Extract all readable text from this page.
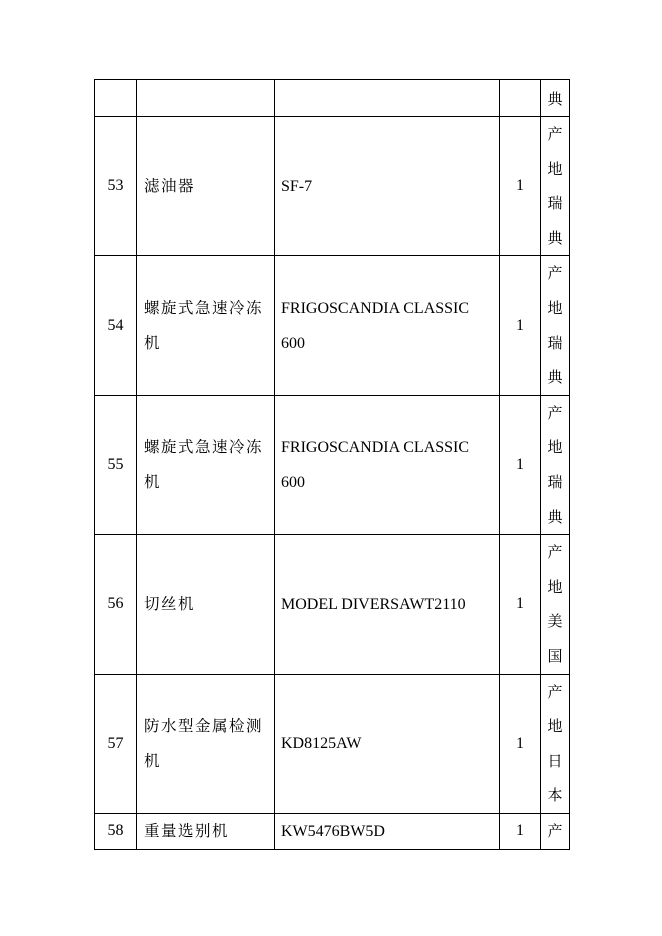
				典

53	滤油器	SF-7	1	产地瑞典

54	螺旋式急速冷冻机	FRIGOSCANDIA CLASSIC 600	1	产地瑞典

55	螺旋式急速冷冻机	FRIGOSCANDIA CLASSIC 600	1	产地瑞典

56	切丝机	MODEL DIVERSAWT2110	1	产地美国

57	防水型金属检测机	KD8125AW	1	产地日本

58	重量选别机	KW5476BW5D	1	产
